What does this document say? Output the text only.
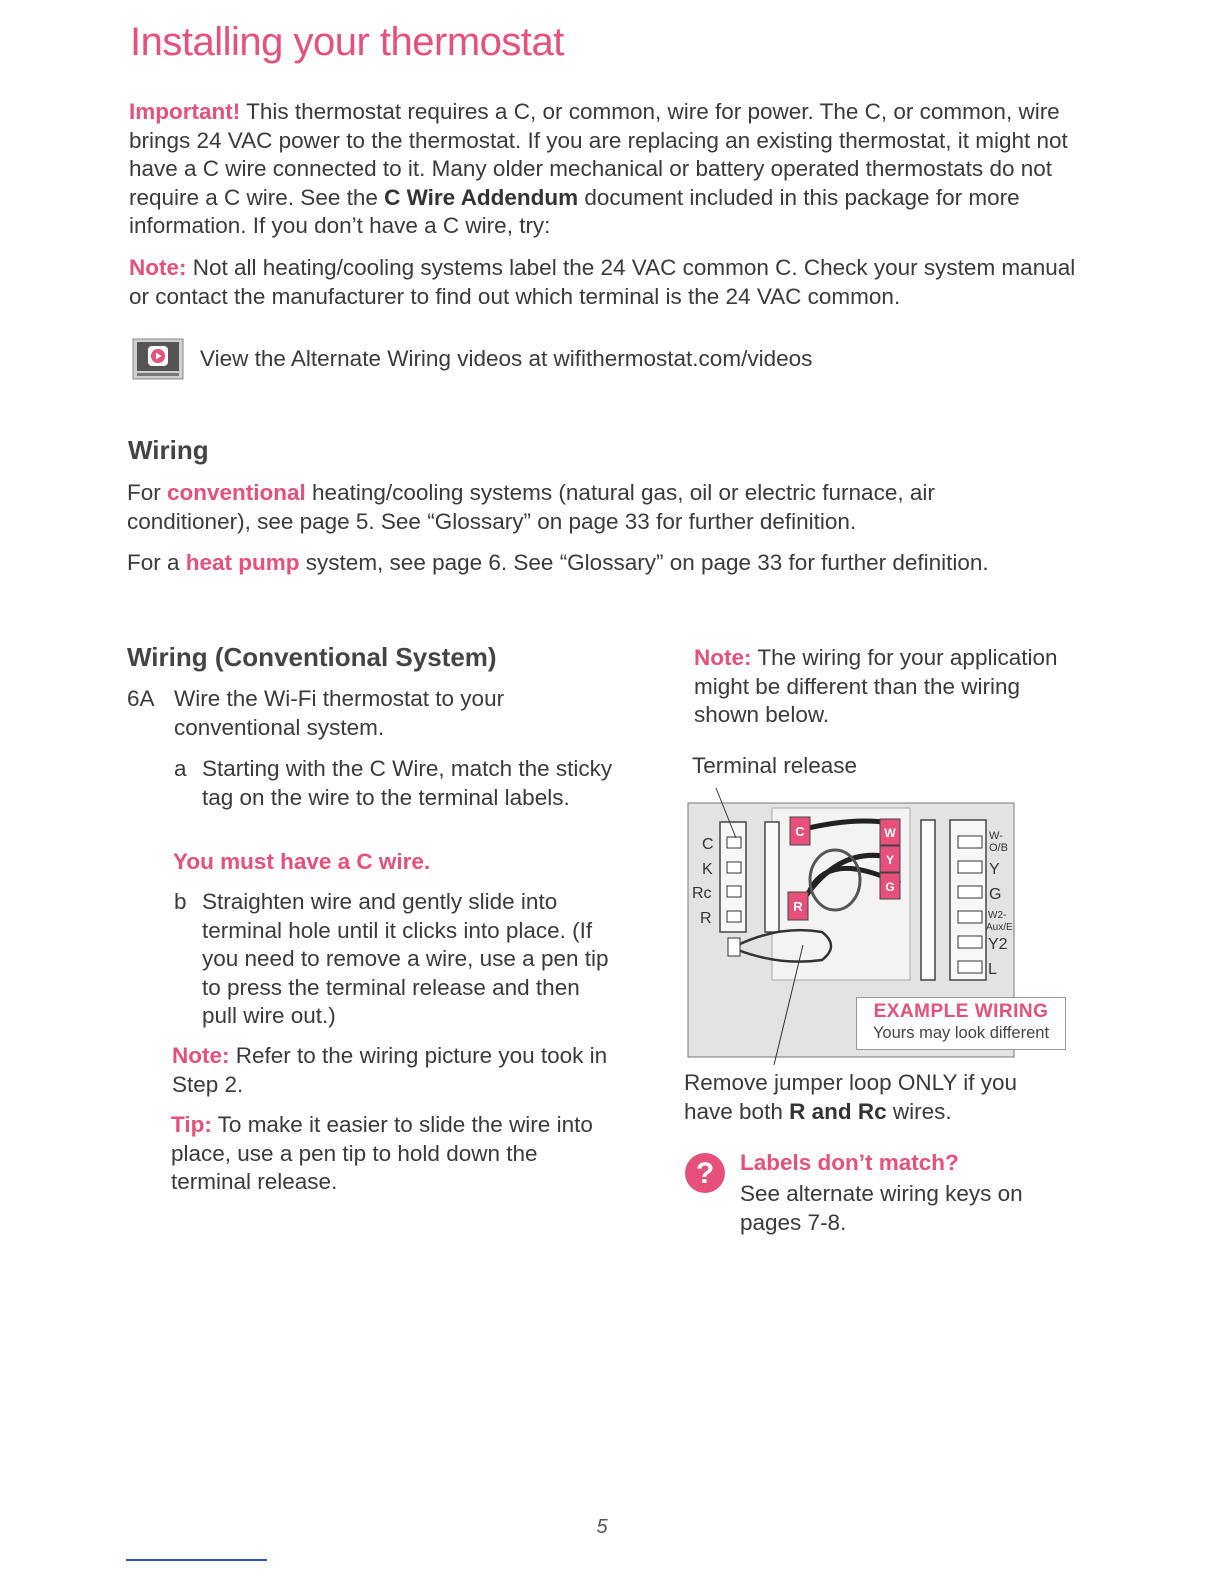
Installing your thermostat

Important! This thermostat requires a C, or common, wire for power. The C, or common, wire brings 24 VAC power to the thermostat. If you are replacing an existing thermostat, it might not have a C wire connected to it. Many older mechanical or battery operated thermostats do not require a C wire. See the C Wire Addendum document included in this package for more information. If you don’t have a C wire, try:

Note: Not all heating/cooling systems label the 24 VAC common C. Check your system manual or contact the manufacturer to find out which terminal is the 24 VAC common.

View the Alternate Wiring videos at wifithermostat.com/videos
Wiring

For conventional heating/cooling systems (natural gas, oil or electric furnace, air conditioner), see page 5. See “Glossary” on page 33 for further definition.

For a heat pump system, see page 6. See “Glossary” on page 33 for further definition.

Wiring (Conventional System)
6A Wire the Wi-Fi thermostat to your conventional system.
a Starting with the C Wire, match the sticky tag on the wire to the terminal labels.
You must have a C wire.
b Straighten wire and gently slide into terminal hole until it clicks into place. (If you need to remove a wire, use a pen tip to press the terminal release and then pull wire out.)

Note: Refer to the wiring picture you took in Step 2.

Tip: To make it easier to slide the wire into place, use a pen tip to hold down the terminal release.

Note: The wiring for your application might be different than the wiring shown below.

Terminal release
C
K
Rc
R
W-
O/B
Y
G
W2-
Aux/E
Y2
L
C
R
W
Y
G
EXAMPLE WIRING
Yours may look different

Remove jumper loop ONLY if you have both R and Rc wires.

? Labels don’t match?

See alternate wiring keys on pages 7-8.

5
